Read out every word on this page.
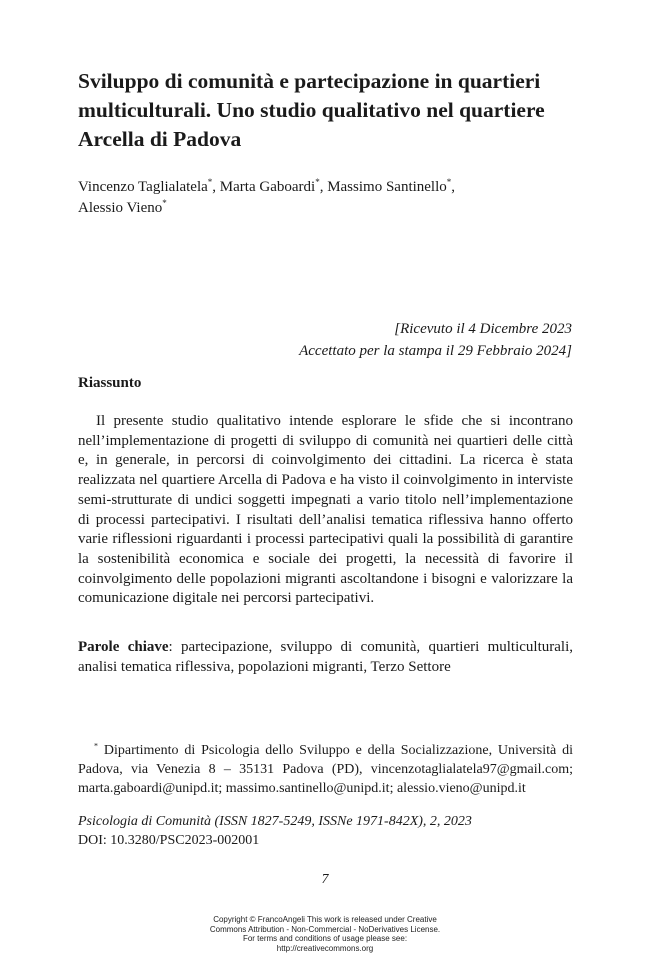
Sviluppo di comunità e partecipazione in quartieri multiculturali. Uno studio qualitativo nel quartiere Arcella di Padova
Vincenzo Taglialatela*, Marta Gaboardi*, Massimo Santinello*,
Alessio Vieno*
[Ricevuto il 4 Dicembre 2023
Accettato per la stampa il 29 Febbraio 2024]
Riassunto

Il presente studio qualitativo intende esplorare le sfide che si incontrano nell’implementazione di progetti di sviluppo di comunità nei quartieri delle città e, in generale, in percorsi di coinvolgimento dei cittadini. La ricerca è stata realizzata nel quartiere Arcella di Padova e ha visto il coinvolgimento in interviste semi-strutturate di undici soggetti impegnati a vario titolo nell’implementazione di processi partecipativi. I risultati dell’analisi tematica riflessiva hanno offerto varie riflessioni riguardanti i processi partecipativi quali la possibilità di garantire la sostenibilità economica e sociale dei progetti, la necessità di favorire il coinvolgimento delle popolazioni migranti ascoltandone i bisogni e valorizzare la comunicazione digitale nei percorsi partecipativi.

Parole chiave: partecipazione, sviluppo di comunità, quartieri multiculturali, analisi tematica riflessiva, popolazioni migranti, Terzo Settore

* Dipartimento di Psicologia dello Sviluppo e della Socializzazione, Università di Padova, via Venezia 8 – 35131 Padova (PD), vincenzotaglialatela97@gmail.com; marta.gaboardi@unipd.it; massimo.santinello@unipd.it; alessio.vieno@unipd.it

Psicologia di Comunità (ISSN 1827-5249, ISSNe 1971-842X), 2, 2023
DOI: 10.3280/PSC2023-002001
7
Copyright © FrancoAngeli This work is released under Creative
Commons Attribution - Non-Commercial - NoDerivatives License.
For terms and conditions of usage please see:
http://creativecommons.org
